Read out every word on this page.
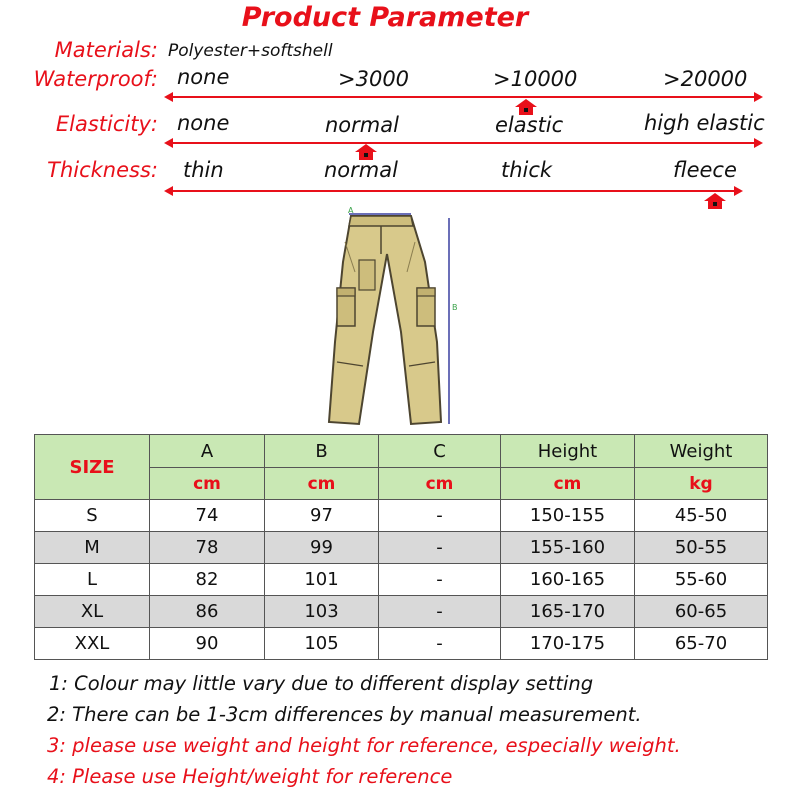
Product Parameter
Materials: Polyester+softshell
Waterproof: none	>3000	>10000	>20000
Elasticity: none	normal	elastic	high elastic
Thickness: thin	normal	thick	fleece
A
B
SIZE	A	B	C	Height	Weight
	cm	cm	cm	cm	kg
S	74	97	-	150-155	45-50
M	78	99	-	155-160	50-55
L	82	101	-	160-165	55-60
XL	86	103	-	165-170	60-65
XXL	90	105	-	170-175	65-70
1: Colour may little vary due to different display setting
2: There can be 1-3cm differences by manual measurement.
3: please use weight and height for reference, especially weight.
4: Please use Height/weight for reference
